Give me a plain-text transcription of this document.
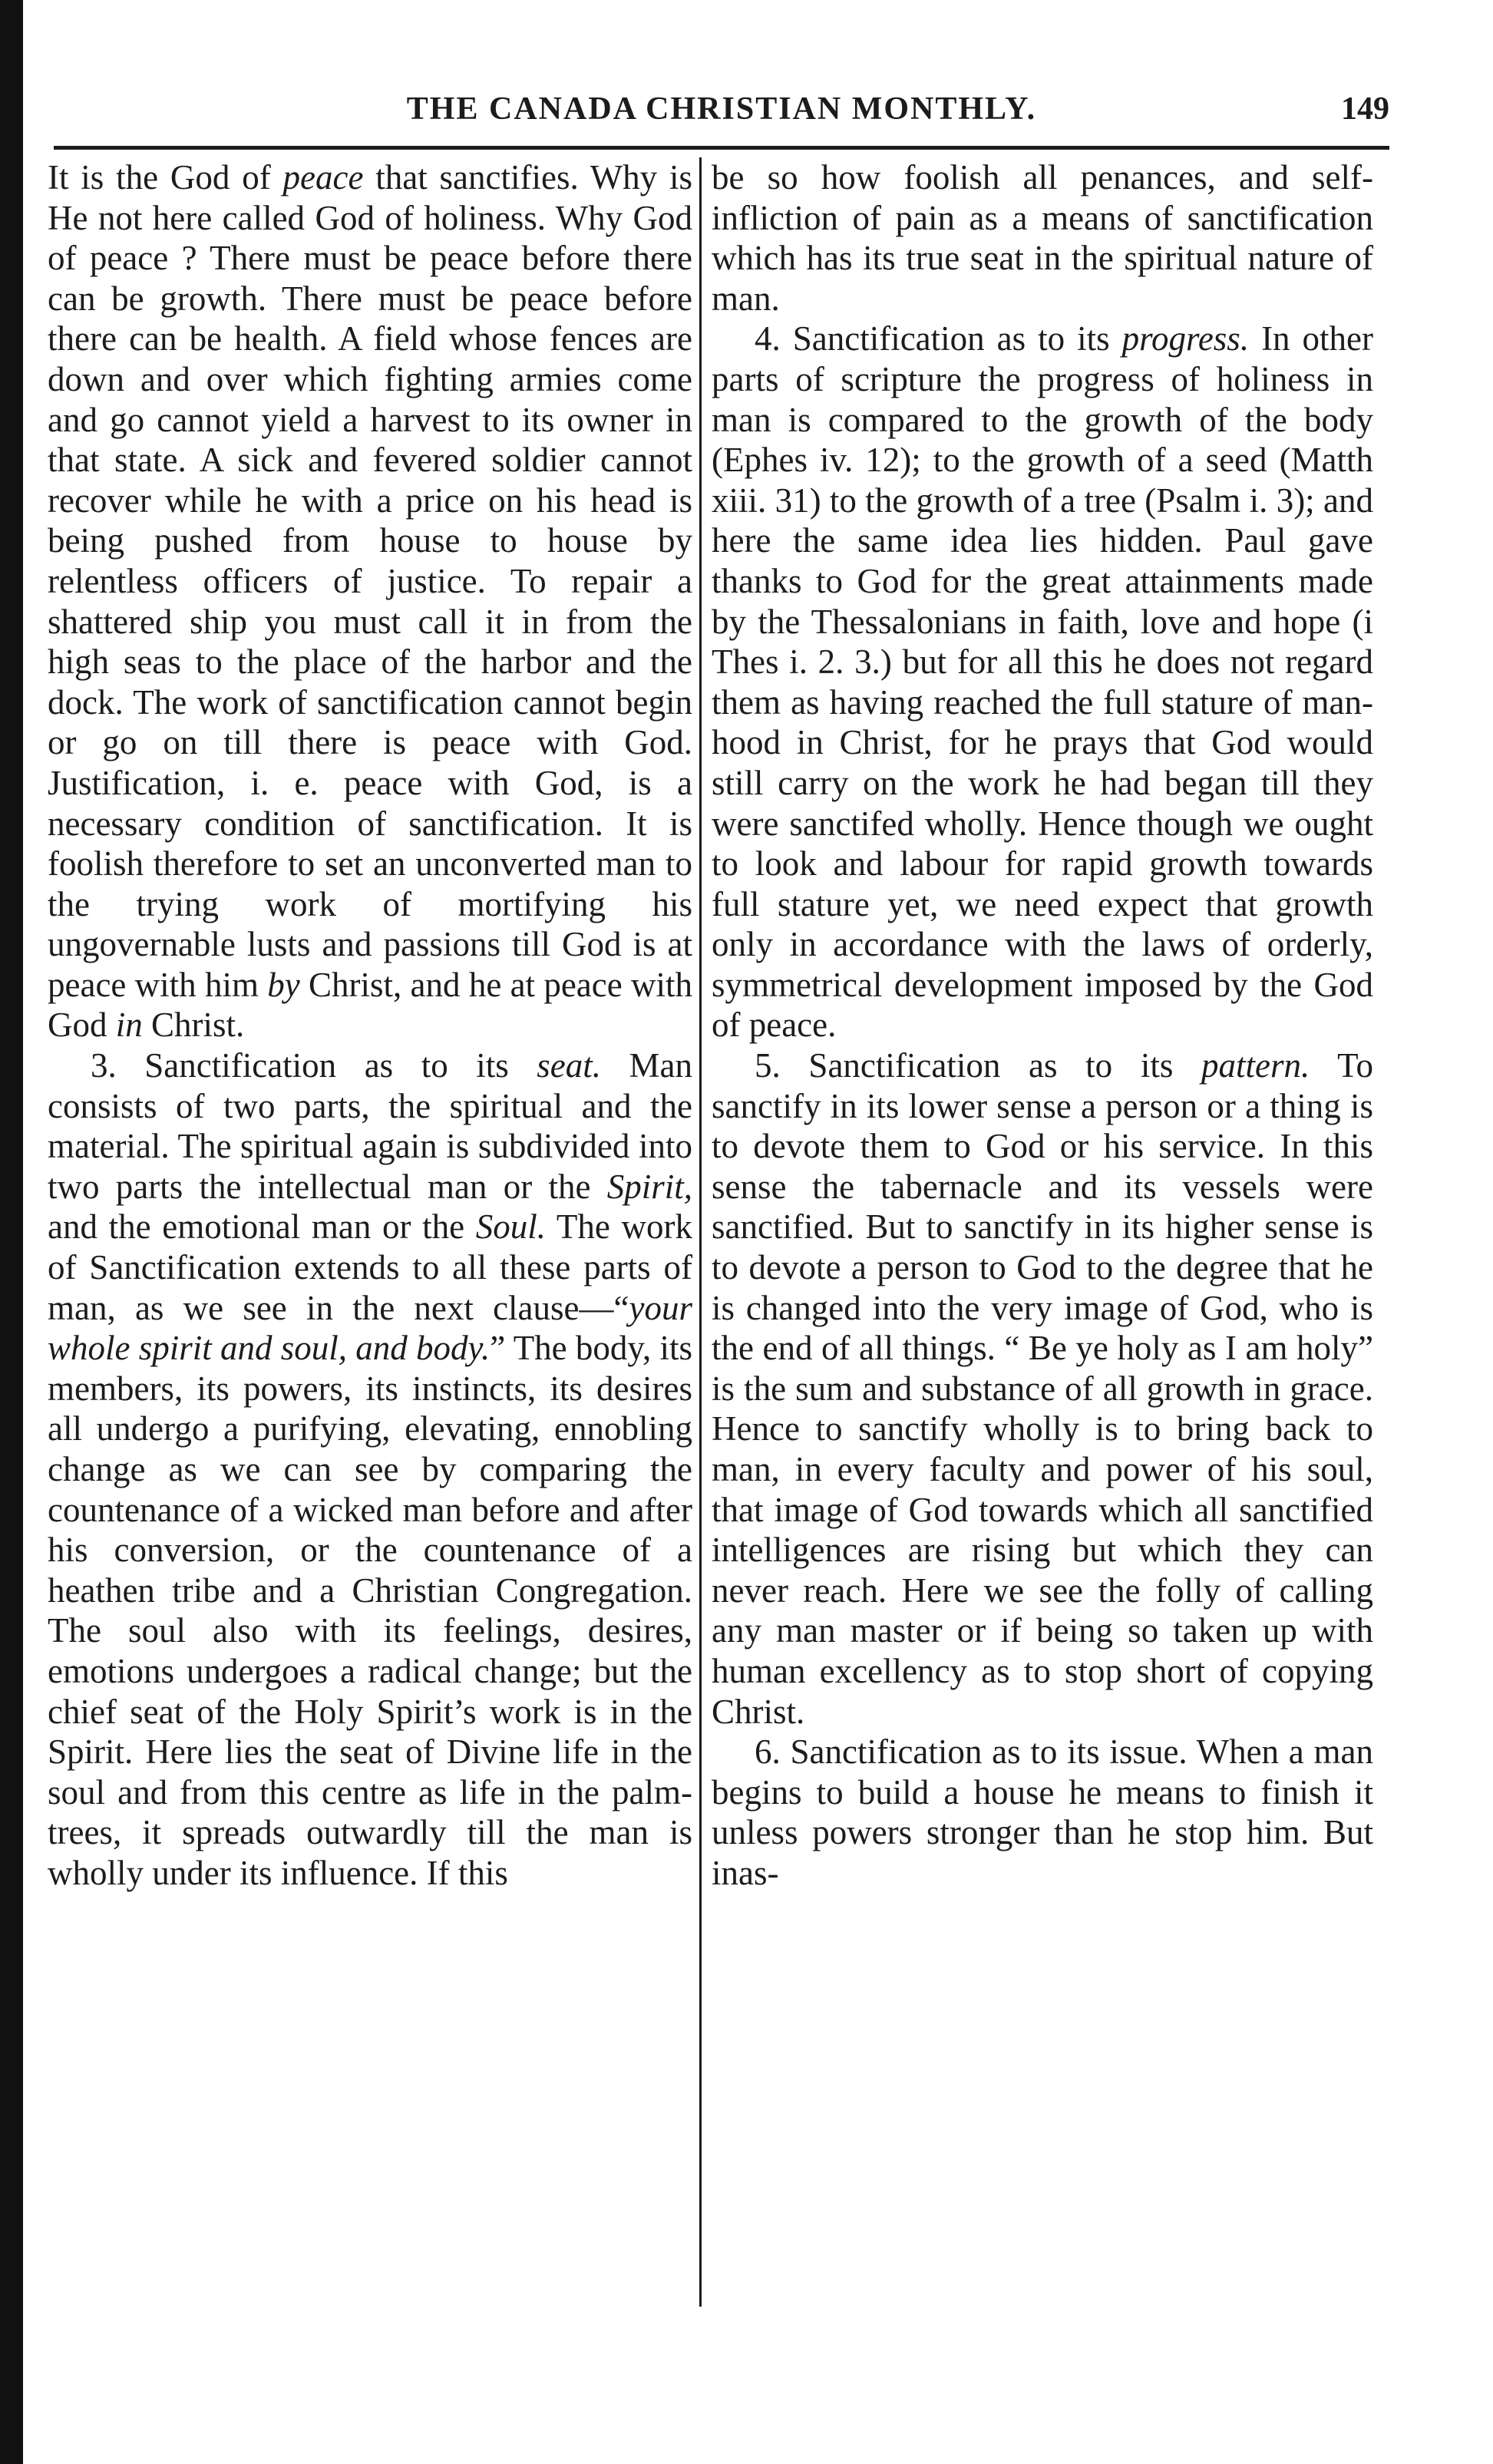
THE CANADA CHRISTIAN MONTHLY.	149

It is the God of peace that sanctifies. Why is He not here called God of holiness. Why God of peace ? There must be peace before there can be growth. There must be peace before there can be health. A field whose fences are down and over which fighting armies come and go cannot yield a harvest to its owner in that state. A sick and fevered soldier cannot recover while he with a price on his head is being pushed from house to house by relentless officers of justice. To repair a shattered ship you must call it in from the high seas to the place of the harbor and the dock. The work of sanctification cannot begin or go on till there is peace with God. Justification, i. e. peace with God, is a necessary condition of sanctification. It is foolish therefore to set an unconverted man to the trying work of mortifying his ungovernable lusts and passions till God is at peace with him by Christ, and he at peace with God in Christ.

3. Sanctification as to its seat. Man consists of two parts, the spiritual and the material. The spiritual again is subdivided into two parts the intellectual man or the Spirit, and the emotional man or the Soul. The work of Sanctification extends to all these parts of man, as we see in the next clause—“your whole spirit and soul, and body.” The body, its members, its powers, its instincts, its desires all undergo a purifying, elevating, ennobling change as we can see by comparing the countenance of a wicked man before and after his conversion, or the countenance of a heathen tribe and a Christian Congregation. The soul also with its feelings, desires, emotions undergoes a radical change; but the chief seat of the Holy Spirit’s work is in the Spirit. Here lies the seat of Divine life in the soul and from this centre as life in the palm-trees, it spreads outwardly till the man is wholly under its influence. If this

be so how foolish all penances, and self-infliction of pain as a means of sanctification which has its true seat in the spiritual nature of man.

4. Sanctification as to its progress. In other parts of scripture the progress of holiness in man is compared to the growth of the body (Ephes iv. 12); to the growth of a seed (Matth xiii. 31) to the growth of a tree (Psalm i. 3); and here the same idea lies hidden. Paul gave thanks to God for the great attainments made by the Thessalonians in faith, love and hope (i Thes i. 2. 3.) but for all this he does not regard them as having reached the full stature of man-hood in Christ, for he prays that God would still carry on the work he had began till they were sanctifed wholly. Hence though we ought to look and labour for rapid growth towards full stature yet, we need expect that growth only in accordance with the laws of orderly, symmetrical development imposed by the God of peace.

5. Sanctification as to its pattern. To sanctify in its lower sense a person or a thing is to devote them to God or his service. In this sense the tabernacle and its vessels were sanctified. But to sanctify in its higher sense is to devote a person to God to the degree that he is changed into the very image of God, who is the end of all things. “ Be ye holy as I am holy” is the sum and substance of all growth in grace. Hence to sanctify wholly is to bring back to man, in every faculty and power of his soul, that image of God towards which all sanctified intelligences are rising but which they can never reach. Here we see the folly of calling any man master or if being so taken up with human excellency as to stop short of copying Christ.

6. Sanctification as to its issue. When a man begins to build a house he means to finish it unless powers stronger than he stop him. But inas-
